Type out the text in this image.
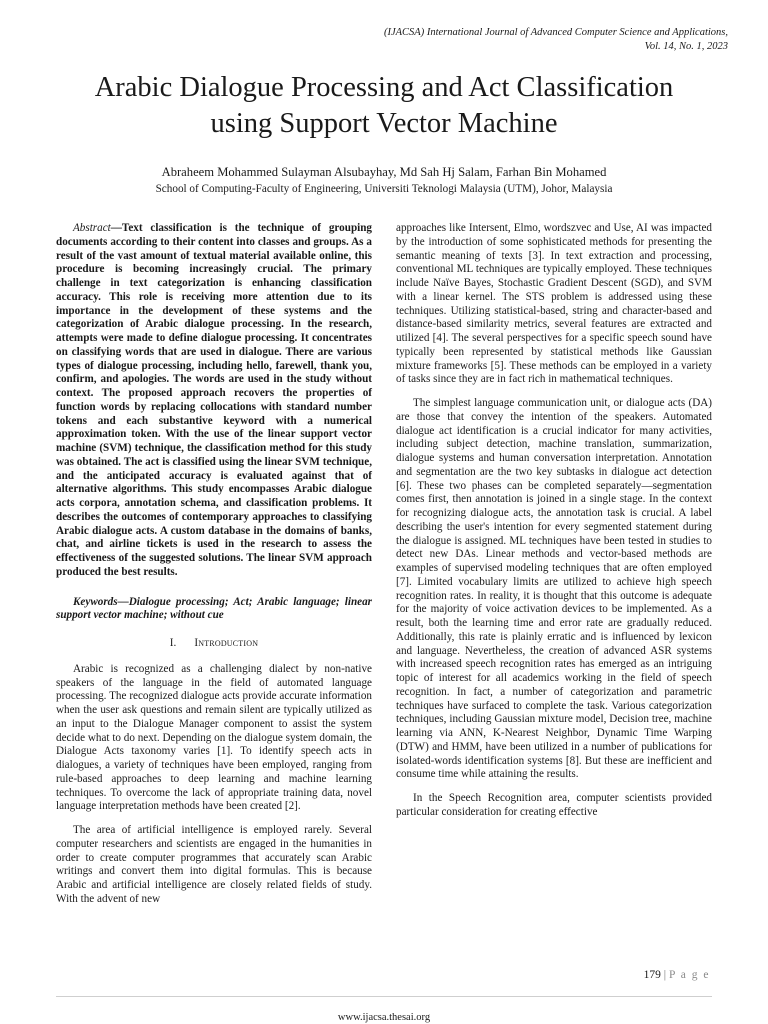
(IJACSA) International Journal of Advanced Computer Science and Applications,
Vol. 14, No. 1, 2023
Arabic Dialogue Processing and Act Classification
using Support Vector Machine
Abraheem Mohammed Sulayman Alsubayhay, Md Sah Hj Salam, Farhan Bin Mohamed
School of Computing-Faculty of Engineering, Universiti Teknologi Malaysia (UTM), Johor, Malaysia

Abstract—Text classification is the technique of grouping documents according to their content into classes and groups. As a result of the vast amount of textual material available online, this procedure is becoming increasingly crucial. The primary challenge in text categorization is enhancing classification accuracy. This role is receiving more attention due to its importance in the development of these systems and the categorization of Arabic dialogue processing. In the research, attempts were made to define dialogue processing. It concentrates on classifying words that are used in dialogue. There are various types of dialogue processing, including hello, farewell, thank you, confirm, and apologies. The words are used in the study without context. The proposed approach recovers the properties of function words by replacing collocations with standard number tokens and each substantive keyword with a numerical approximation token. With the use of the linear support vector machine (SVM) technique, the classification method for this study was obtained. The act is classified using the linear SVM technique, and the anticipated accuracy is evaluated against that of alternative algorithms. This study encompasses Arabic dialogue acts corpora, annotation schema, and classification problems. It describes the outcomes of contemporary approaches to classifying Arabic dialogue acts. A custom database in the domains of banks, chat, and airline tickets is used in the research to assess the effectiveness of the suggested solutions. The linear SVM approach produced the best results.

Keywords—Dialogue processing; Act; Arabic language; linear support vector machine; without cue

I. Introduction

Arabic is recognized as a challenging dialect by non-native speakers of the language in the field of automated language processing. The recognized dialogue acts provide accurate information when the user ask questions and remain silent are typically utilized as an input to the Dialogue Manager component to assist the system decide what to do next. Depending on the dialogue system domain, the Dialogue Acts taxonomy varies [1]. To identify speech acts in dialogues, a variety of techniques have been employed, ranging from rule-based approaches to deep learning and machine learning techniques. To overcome the lack of appropriate training data, novel language interpretation methods have been created [2].

The area of artificial intelligence is employed rarely. Several computer researchers and scientists are engaged in the humanities in order to create computer programmes that accurately scan Arabic writings and convert them into digital formulas. This is because Arabic and artificial intelligence are closely related fields of study. With the advent of new

approaches like Intersent, Elmo, wordszvec and Use, AI was impacted by the introduction of some sophisticated methods for presenting the semantic meaning of texts [3]. In text extraction and processing, conventional ML techniques are typically employed. These techniques include Naïve Bayes, Stochastic Gradient Descent (SGD), and SVM with a linear kernel. The STS problem is addressed using these techniques. Utilizing statistical-based, string and character-based and distance-based similarity metrics, several features are extracted and utilized [4]. The several perspectives for a specific speech sound have typically been represented by statistical methods like Gaussian mixture frameworks [5]. These methods can be employed in a variety of tasks since they are in fact rich in mathematical techniques.

The simplest language communication unit, or dialogue acts (DA) are those that convey the intention of the speakers. Automated dialogue act identification is a crucial indicator for many activities, including subject detection, machine translation, summarization, dialogue systems and human conversation interpretation. Annotation and segmentation are the two key subtasks in dialogue act detection [6]. These two phases can be completed separately—segmentation comes first, then annotation is joined in a single stage. In the context for recognizing dialogue acts, the annotation task is crucial. A label describing the user's intention for every segmented statement during the dialogue is assigned. ML techniques have been tested in studies to detect new DAs. Linear methods and vector-based methods are examples of supervised modeling techniques that are often employed [7]. Limited vocabulary limits are utilized to achieve high speech recognition rates. In reality, it is thought that this outcome is adequate for the majority of voice activation devices to be implemented. As a result, both the learning time and error rate are gradually reduced. Additionally, this rate is plainly erratic and is influenced by lexicon and language. Nevertheless, the creation of advanced ASR systems with increased speech recognition rates has emerged as an intriguing topic of interest for all academics working in the field of speech recognition. In fact, a number of categorization and parametric techniques have surfaced to complete the task. Various categorization techniques, including Gaussian mixture model, Decision tree, machine learning via ANN, K-Nearest Neighbor, Dynamic Time Warping (DTW) and HMM, have been utilized in a number of publications for isolated-words identification systems [8]. But these are inefficient and consume time while attaining the results.

In the Speech Recognition area, computer scientists provided particular consideration for creating effective

179 | P a g e
www.ijacsa.thesai.org
